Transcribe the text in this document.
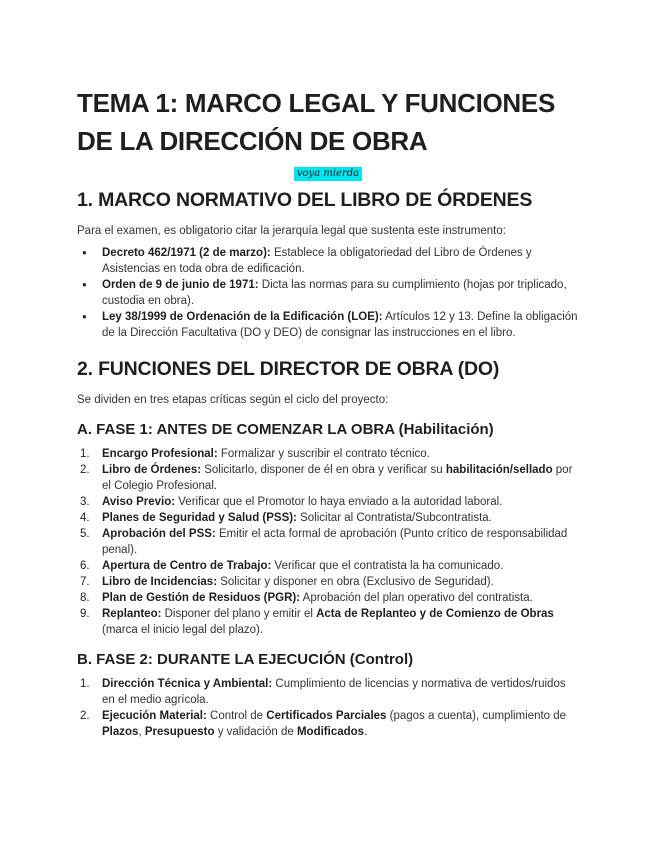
TEMA 1: MARCO LEGAL Y FUNCIONES
DE LA DIRECCIÓN DE OBRA
voya mierda
1. MARCO NORMATIVO DEL LIBRO DE ÓRDENES

Para el examen, es obligatorio citar la jerarquía legal que sustenta este instrumento:

● Decreto 462/1971 (2 de marzo): Establece la obligatoriedad del Libro de Órdenes y Asistencias en toda obra de edificación.
● Orden de 9 de junio de 1971: Dicta las normas para su cumplimiento (hojas por triplicado, custodia en obra).
● Ley 38/1999 de Ordenación de la Edificación (LOE): Artículos 12 y 13. Define la obligación de la Dirección Facultativa (DO y DEO) de consignar las instrucciones en el libro.
2. FUNCIONES DEL DIRECTOR DE OBRA (DO)

Se dividen en tres etapas críticas según el ciclo del proyecto:

A. FASE 1: ANTES DE COMENZAR LA OBRA (Habilitación)
1. Encargo Profesional: Formalizar y suscribir el contrato técnico.
2. Libro de Órdenes: Solicitarlo, disponer de él en obra y verificar su habilitación/sellado por el Colegio Profesional.
3. Aviso Previo: Verificar que el Promotor lo haya enviado a la autoridad laboral.
4. Planes de Seguridad y Salud (PSS): Solicitar al Contratista/Subcontratista.
5. Aprobación del PSS: Emitir el acta formal de aprobación (Punto crítico de responsabilidad penal).
6. Apertura de Centro de Trabajo: Verificar que el contratista la ha comunicado.
7. Libro de Incidencias: Solicitar y disponer en obra (Exclusivo de Seguridad).
8. Plan de Gestión de Residuos (PGR): Aprobación del plan operativo del contratista.
9. Replanteo: Disponer del plano y emitir el Acta de Replanteo y de Comienzo de Obras (marca el inicio legal del plazo).
B. FASE 2: DURANTE LA EJECUCIÓN (Control)
1. Dirección Técnica y Ambiental: Cumplimiento de licencias y normativa de vertidos/ruidos en el medio agrícola.
2. Ejecución Material: Control de Certificados Parciales (pagos a cuenta), cumplimiento de Plazos, Presupuesto y validación de Modificados.
